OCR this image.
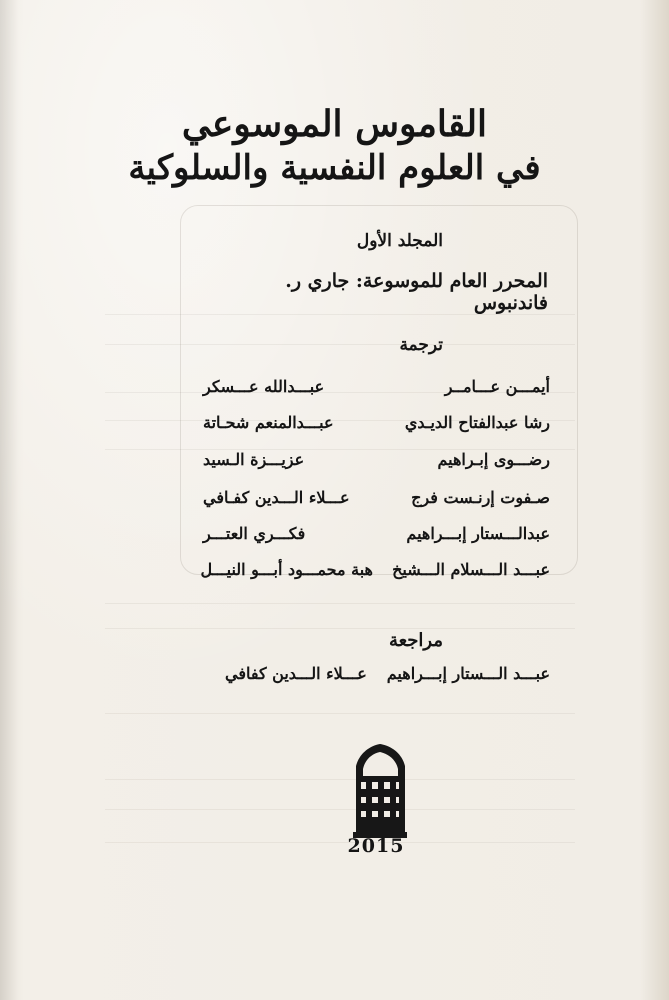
القاموس الموسوعي
في العلوم النفسية والسلوكية
المجلد الأول
المحرر العام للموسوعة: جاري ر. فاندنبوس
ترجمة
أيمـــن عـــامــر
عبـــدالله عـــسكر
رشا عبدالفتاح الديـدي
عبـــدالمنعم شحـاتة
رضـــوى إبـراهيم
عزيـــزة الـسيد
صـفوت إرنـست فرج
عـــلاء الـــدين كفـافي
عبدالـــستار إبـــراهيم
فكـــري العتـــر
عبـــد الـــسلام الـــشيخ
هبة محمـــود أبـــو النيـــل
مراجعة
عبـــد الـــستار إبـــراهيم
عـــلاء الـــدين كفافي
2015
